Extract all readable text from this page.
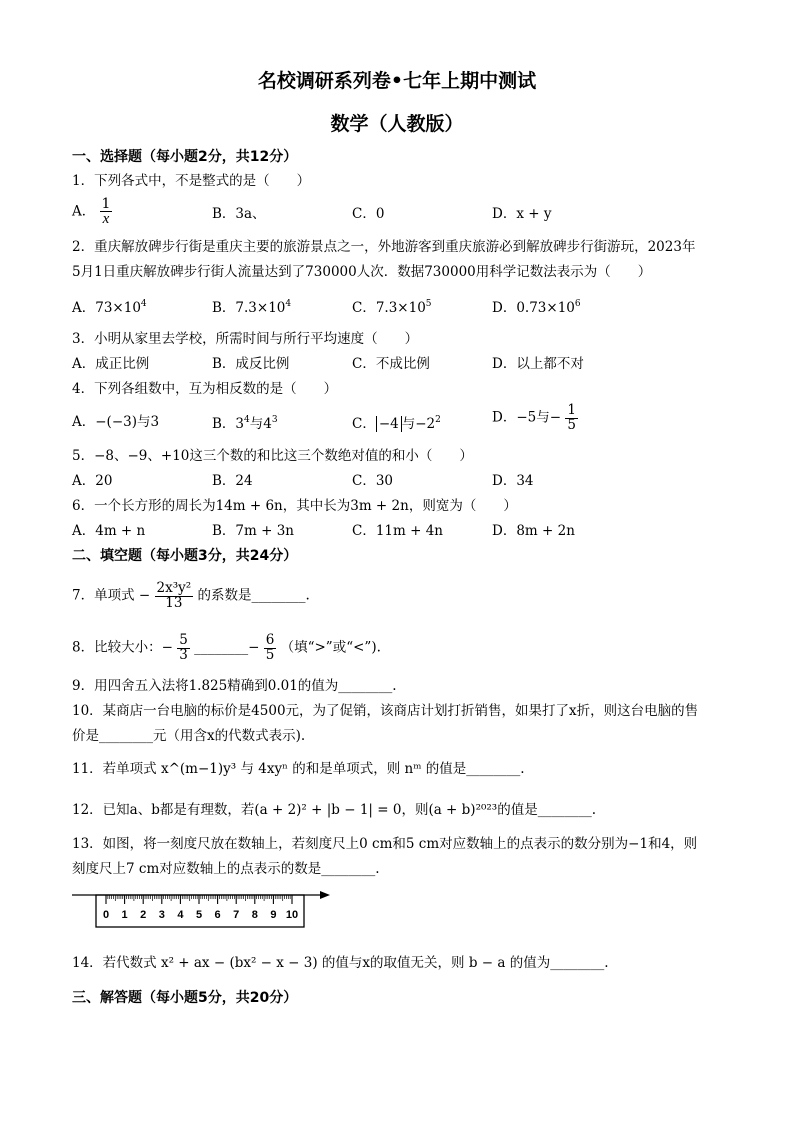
名校调研系列卷•七年上期中测试
数学（人教版）
一、选择题（每小题2分，共12分）
1．下列各式中，不是整式的是（　　）
A． $\frac{1}{x}$	B．3a、	C．0	D．x + y
2．重庆解放碑步行街是重庆主要的旅游景点之一，外地游客到重庆旅游必到解放碑步行街游玩，2023年
5月1日重庆解放碑步行街人流量达到了730000人次．数据730000用科学记数法表示为（　　）
A．$73\times 10^4$	B．$7.3\times 10^4$	C．$7.3\times 10^5$	D．$0.73\times 10^6$
3．小明从家里去学校，所需时间与所行平均速度（　　）
A．成正比例	B．成反比例	C．不成比例	D．以上都不对
4．下列各组数中，互为相反数的是（　　）
A．−(−3)与3	B．$3^4$与$4^3$	C． −4 与$-2^2$	D．−5与− $\frac{1}{5}$
5．−8、−9、+10这三个数的和比这三个数绝对值的和小（　　）
A．20	B．24	C．30	D．34
6．一个长方形的周长为14m + 6n，其中长为3m + 2n，则宽为（　　）
A．4m + n	B．7m + 3n	C．11m + 4n	D．8m + 2n
二、填空题（每小题3分，共24分）
7．单项式 − $\frac{\text{2x³y²}}{13}$ 的系数是________.
8．比较大小：− $\frac{5}{3}$ ________− $\frac{6}{5}$ （填“>”或“<”).
9．用四舍五入法将1.825精确到0.01的值为________.
10．某商店一台电脑的标价是4500元，为了促销，该商店计划打折销售，如果打了x折，则这台电脑的售
价是________元（用含x的代数式表示).
11．若单项式 x^(m−1)y³ 与 4xyⁿ 的和是单项式，则 nᵐ 的值是________.
12．已知a、b都是有理数，若(a + 2)² + |b − 1| = 0，则(a + b)²⁰²³的值是________.
13．如图，将一刻度尺放在数轴上，若刻度尺上0 cm和5 cm对应数轴上的点表示的数分别为−1和4，则
刻度尺上7 cm对应数轴上的点表示的数是________.
0 1 2 3 4 5 6 7 8 9 10
14．若代数式 x² + ax − (bx² − x − 3) 的值与x的取值无关，则 b − a 的值为________.
三、解答题（每小题5分，共20分）
